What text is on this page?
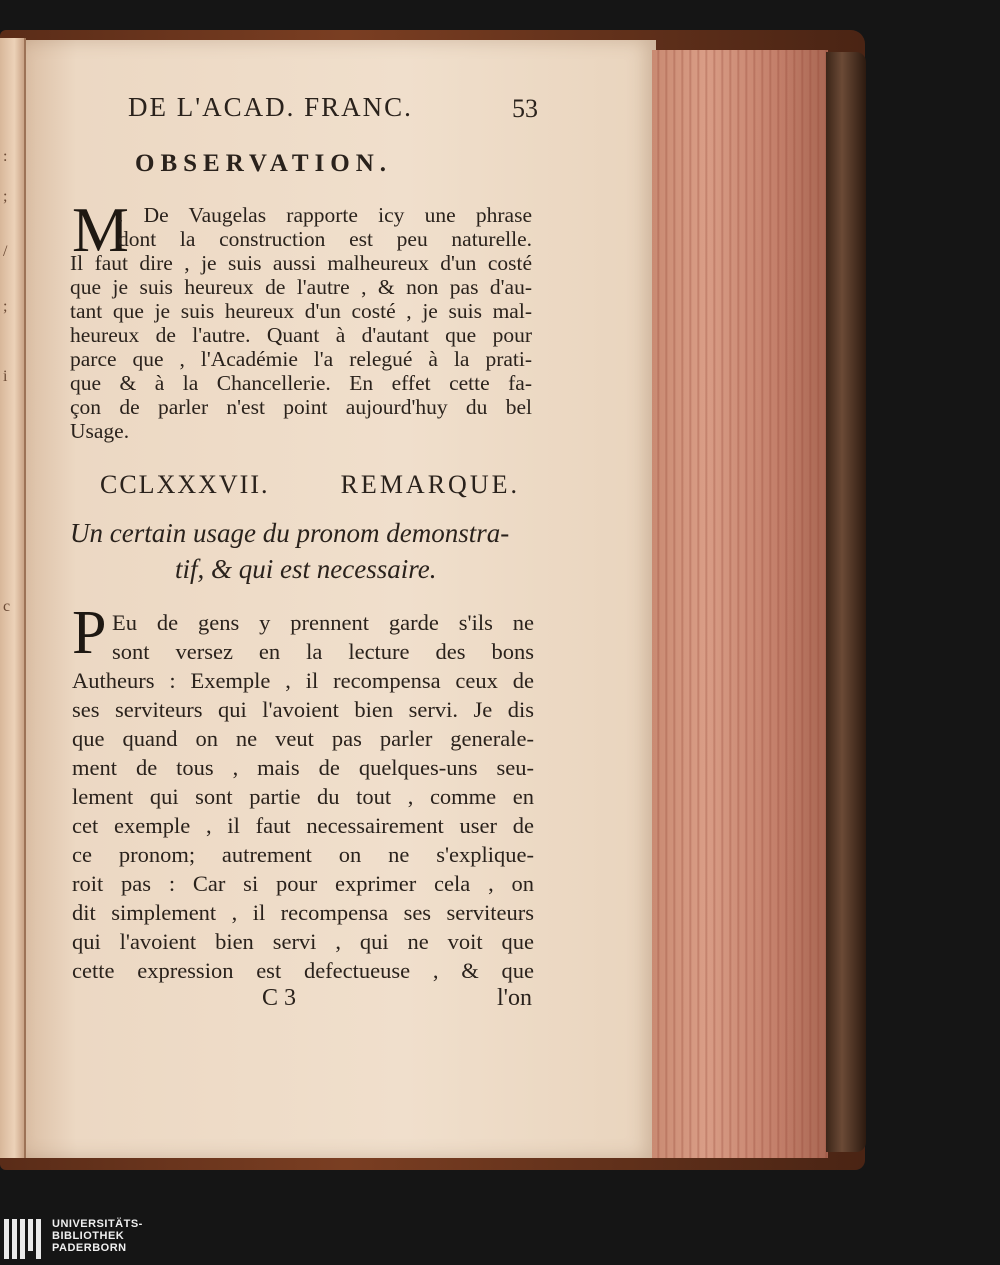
:
;
/
;
i
c
DE L'ACAD. FRANC.	53
OBSERVATION.
M
. De Vaugelas rapporte icy une phrase
dont la construction est peu naturelle.
Il faut dire , je suis aussi malheureux d'un costé
que je suis heureux de l'autre , & non pas d'au-
tant que je suis heureux d'un costé , je suis mal-
heureux de l'autre. Quant à d'autant que pour
parce que , l'Académie l'a relegué à la prati-
que & à la Chancellerie. En effet cette fa-
çon de parler n'est point aujourd'huy du bel
Usage.
CCLXXXVII.	REMARQUE.
Un certain usage du pronom demonstra-
tif, & qui est necessaire.
P Eu de gens y prennent garde s'ils ne
sont versez en la lecture des bons
Autheurs : Exemple , il recompensa ceux de
ses serviteurs qui l'avoient bien servi. Je dis
que quand on ne veut pas parler generale-
ment de tous , mais de quelques-uns seu-
lement qui sont partie du tout , comme en
cet exemple , il faut necessairement user de
ce pronom; autrement on ne s'explique-
roit pas : Car si pour exprimer cela , on
dit simplement , il recompensa ses serviteurs
qui l'avoient bien servi , qui ne voit que
cette expression est defectueuse , & que
C 3	l'on
UNIVERSITÄTS-
BIBLIOTHEK
PADERBORN
